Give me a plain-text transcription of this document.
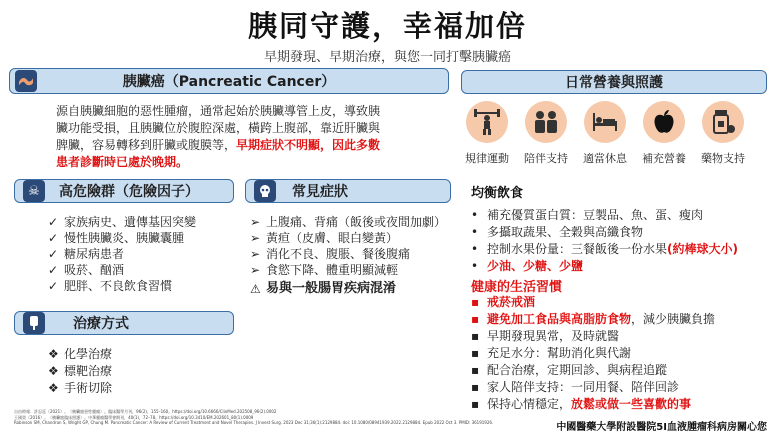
胰同守護，幸福加倍
早期發現、早期治療，與您一同打擊胰臟癌
胰臟癌（Pancreatic Cancer）
源自胰臟細胞的惡性腫瘤，通常起始於胰臟導管上皮，導致胰臟功能受損，且胰臟位於腹腔深處，橫跨上腹部，靠近肝臟與脾臟，容易轉移到肝臟或腹膜等，早期症狀不明顯，因此多數患者診斷時已處於晚期。
☠	高危險群（危險因子）
✓ 家族病史、遺傳基因突變
✓ 慢性胰臟炎、胰臟囊腫
✓ 糖尿病患者
✓ 吸菸、酗酒
✓ 肥胖、不良飲食習慣
常見症狀
➢ 上腹痛、背痛（飯後或夜間加劇）
➢ 黃疸（皮膚、眼白變黃）
➢ 消化不良、腹脹、餐後腹痛
➢ 食慾下降、體重明顯減輕
⚠ 易與一般腸胃疾病混淆
治療方式
❖ 化學治療
❖ 標靶治療
❖ 手術切除
日常營養與照護
規律運動	陪伴支持	適當休息	補充營養	藥物支持
均衡飲食
• 補充優質蛋白質：豆製品、魚、蛋、瘦肉
• 多攝取蔬果、全穀與高纖食物
• 控制水果份量：三餐飯後一份水果 (約棒球大小)
• 少油、少糖、少鹽
健康的生活習慣
▪ 戒菸戒酒
▪ 避免加工食品與高脂肪食物 ，減少胰臟負擔
▪ 早期發現異常，及時就醫
▪ 充足水分：幫助消化與代謝
▪ 配合治療，定期回診、與病程追蹤
▪ 家人陪伴支持：一同用餐、陪伴回診
▪ 保持心情穩定， 放鬆或做一些喜歡的事
自由時報．許忍廷（2021）。〈胰臟癌惡性腫瘤〉。臨床醫學月刊，96(2)，155–160。https://doi.org/10.6666/ClinMed.202508_96(2).0002
王國榮（2016）。〈胰臟癌臨床照護〉。中華腫瘤醫學會期刊，40(1)，72–78。https://doi.org/10.3410/EM.202601_80(1).0009
Robinson SM, Chandran S, Wright GP, Chung M. Pancreatic Cancer: A Review of Current Treatment and Novel Therapies. J Invest Surg. 2023 Dec 31;36(1):2129884. doi: 10.1080/08941939.2022.2129884. Epub 2022 Oct 3. PMID: 36191926.	中國醫藥大學附設醫院5I血液腫瘤科病房關心您
